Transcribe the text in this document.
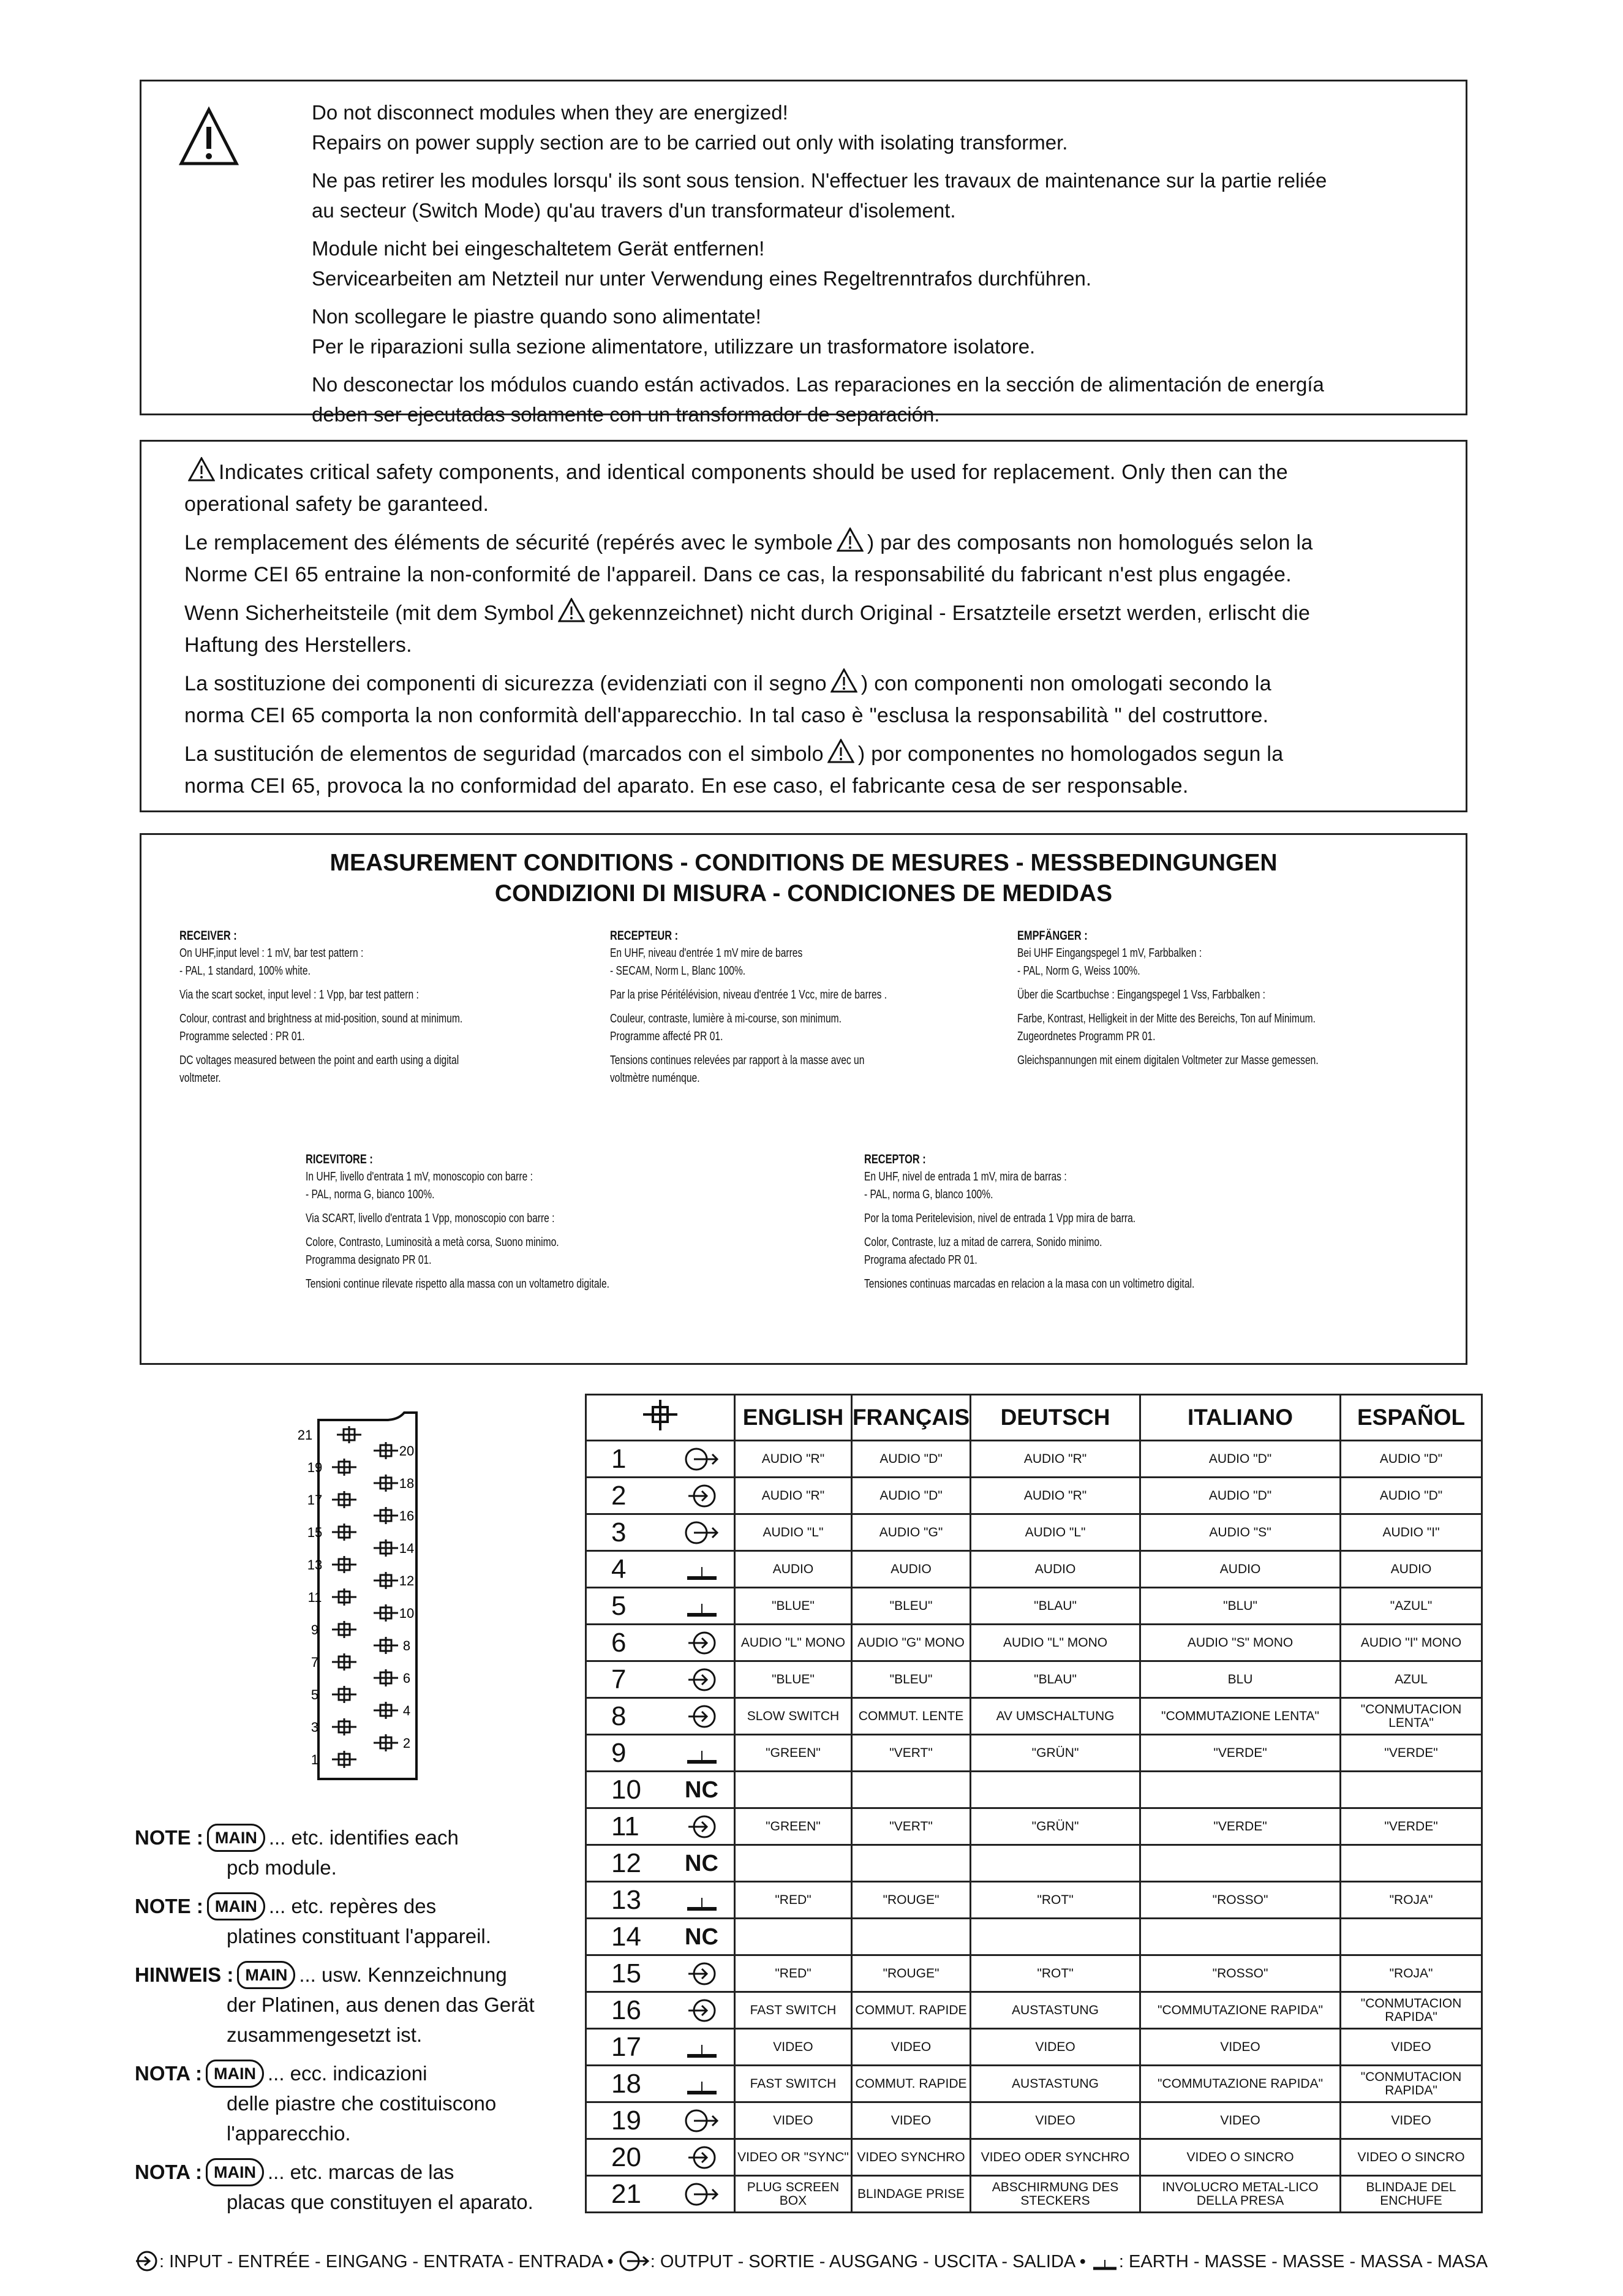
Do not disconnect modules when they are energized!
Repairs on power supply section are to be carried out only with isolating transformer.

Ne pas retirer les modules lorsqu' ils sont sous tension. N'effectuer les travaux de maintenance sur la partie reliée
au secteur (Switch Mode) qu'au travers d'un transformateur d'isolement.

Module nicht bei eingeschaltetem Gerät entfernen!
Servicearbeiten am Netzteil nur unter Verwendung eines Regeltrenntrafos durchführen.

Non scollegare le piastre quando sono alimentate!
Per le riparazioni sulla sezione alimentatore, utilizzare un trasformatore isolatore.

No desconectar los módulos cuando están activados. Las reparaciones en la sección de alimentación de energía
deben ser ejecutadas solamente con un transformador de separación.

Indicates critical safety components, and identical components should be used for replacement. Only then can the
operational safety be garanteed.

Le remplacement des éléments de sécurité (repérés avec le symbole ) par des composants non homologués selon la
Norme CEI 65 entraine la non-conformité de l'appareil. Dans ce cas, la responsabilité du fabricant n'est plus engagée.

Wenn Sicherheitsteile (mit dem Symbol gekennzeichnet) nicht durch Original - Ersatzteile ersetzt werden, erlischt die
Haftung des Herstellers.

La sostituzione dei componenti di sicurezza (evidenziati con il segno ) con componenti non omologati secondo la
norma CEI 65 comporta la non conformità dell'apparecchio. In tal caso è "esclusa la responsabilità " del costruttore.

La sustitución de elementos de seguridad (marcados con el simbolo ) por componentes no homologados segun la
norma CEI 65, provoca la no conformidad del aparato. En ese caso, el fabricante cesa de ser responsable.

MEASUREMENT CONDITIONS - CONDITIONS DE MESURES - MESSBEDINGUNGEN
CONDIZIONI DI MISURA - CONDICIONES DE MEDIDAS
RECEIVER :

On UHF,input level : 1 mV, bar test pattern :
- PAL, 1 standard, 100% white.

Via the scart socket, input level : 1 Vpp, bar test pattern :

Colour, contrast and brightness at mid-position, sound at minimum.
Programme selected : PR 01.

DC voltages measured between the point and earth using a digital
voltmeter.

RECEPTEUR :

En UHF, niveau d'entrée 1 mV mire de barres
- SECAM, Norm L, Blanc 100%.

Par la prise Péritélévision, niveau d'entrée 1 Vcc, mire de barres .

Couleur, contraste, lumière à mi-course, son minimum.
Programme affecté PR 01.

Tensions continues relevées par rapport à la masse avec un
voltmètre numénque.

EMPFÄNGER :

Bei UHF Eingangspegel 1 mV, Farbbalken :
- PAL, Norm G, Weiss 100%.

Über die Scartbuchse : Eingangspegel 1 Vss, Farbbalken :

Farbe, Kontrast, Helligkeit in der Mitte des Bereichs, Ton auf Minimum.
Zugeordnetes Programm PR 01.

Gleichspannungen mit einem digitalen Voltmeter zur Masse gemessen.

RICEVITORE :

In UHF, livello d'entrata 1 mV, monoscopio con barre :
- PAL, norma G, bianco 100%.

Via SCART, livello d'entrata 1 Vpp, monoscopio con barre :

Colore, Contrasto, Luminosità a metà corsa, Suono minimo.
Programma designato PR 01.

Tensioni continue rilevate rispetto alla massa con un voltametro digitale.

RECEPTOR :

En UHF, nivel de entrada 1 mV, mira de barras :
- PAL, norma G, blanco 100%.

Por la toma Peritelevision, nivel de entrada 1 Vpp mira de barra.

Color, Contraste, luz a mitad de carrera, Sonido minimo.
Programa afectado PR 01.

Tensiones continuas marcadas en relacion a la masa con un voltimetro digital.

21
19
17
15
13
11
9
7
5
3
1
20
18
16
14
12
10
8
6
4
2
NOTE : MAIN ... etc. identifies each
pcb module.
NOTE : MAIN ... etc. repères des
platines constituant l'appareil.
HINWEIS : MAIN ... usw. Kennzeichnung
der Platinen, aus denen das Gerät
zusammengesetzt ist.
NOTA : MAIN ... ecc. indicazioni
delle piastre che costituiscono
l'apparecchio.
NOTA : MAIN ... etc. marcas de las
placas que constituyen el aparato.
	ENGLISH	FRANÇAIS	DEUTSCH	ITALIANO	ESPAÑOL
1		AUDIO "R"	AUDIO "D"	AUDIO "R"	AUDIO "D"	AUDIO "D"
2		AUDIO "R"	AUDIO "D"	AUDIO "R"	AUDIO "D"	AUDIO "D"
3		AUDIO "L"	AUDIO "G"	AUDIO "L"	AUDIO "S"	AUDIO "I"
4		AUDIO	AUDIO	AUDIO	AUDIO	AUDIO
5		"BLUE"	"BLEU"	"BLAU"	"BLU"	"AZUL"
6		AUDIO "L" MONO	AUDIO "G" MONO	AUDIO "L" MONO	AUDIO "S" MONO	AUDIO "I" MONO
7		"BLUE"	"BLEU"	"BLAU"	BLU	AZUL
8		SLOW SWITCH	COMMUT. LENTE	AV UMSCHALTUNG	"COMMUTAZIONE LENTA"	"CONMUTACION LENTA"
9		"GREEN"	"VERT"	"GRÜN"	"VERDE"	"VERDE"
10	NC					
11		"GREEN"	"VERT"	"GRÜN"	"VERDE"	"VERDE"
12	NC					
13		"RED"	"ROUGE"	"ROT"	"ROSSO"	"ROJA"
14	NC					
15		"RED"	"ROUGE"	"ROT"	"ROSSO"	"ROJA"
16		FAST SWITCH	COMMUT. RAPIDE	AUSTASTUNG	"COMMUTAZIONE RAPIDA"	"CONMUTACION RAPIDA"
17		VIDEO	VIDEO	VIDEO	VIDEO	VIDEO
18		FAST SWITCH	COMMUT. RAPIDE	AUSTASTUNG	"COMMUTAZIONE RAPIDA"	"CONMUTACION RAPIDA"
19		VIDEO	VIDEO	VIDEO	VIDEO	VIDEO
20		VIDEO OR "SYNC"	VIDEO SYNCHRO	VIDEO ODER SYNCHRO	VIDEO O SINCRO	VIDEO O SINCRO
21		PLUG SCREEN BOX	BLINDAGE PRISE	ABSCHIRMUNG DES STECKERS	INVOLUCRO METAL-LICO DELLA PRESA	BLINDAJE DEL ENCHUFE
: INPUT - ENTRÉE - EINGANG - ENTRATA - ENTRADA • : OUTPUT - SORTIE - AUSGANG - USCITA - SALIDA • : EARTH - MASSE - MASSE - MASSA - MASA
